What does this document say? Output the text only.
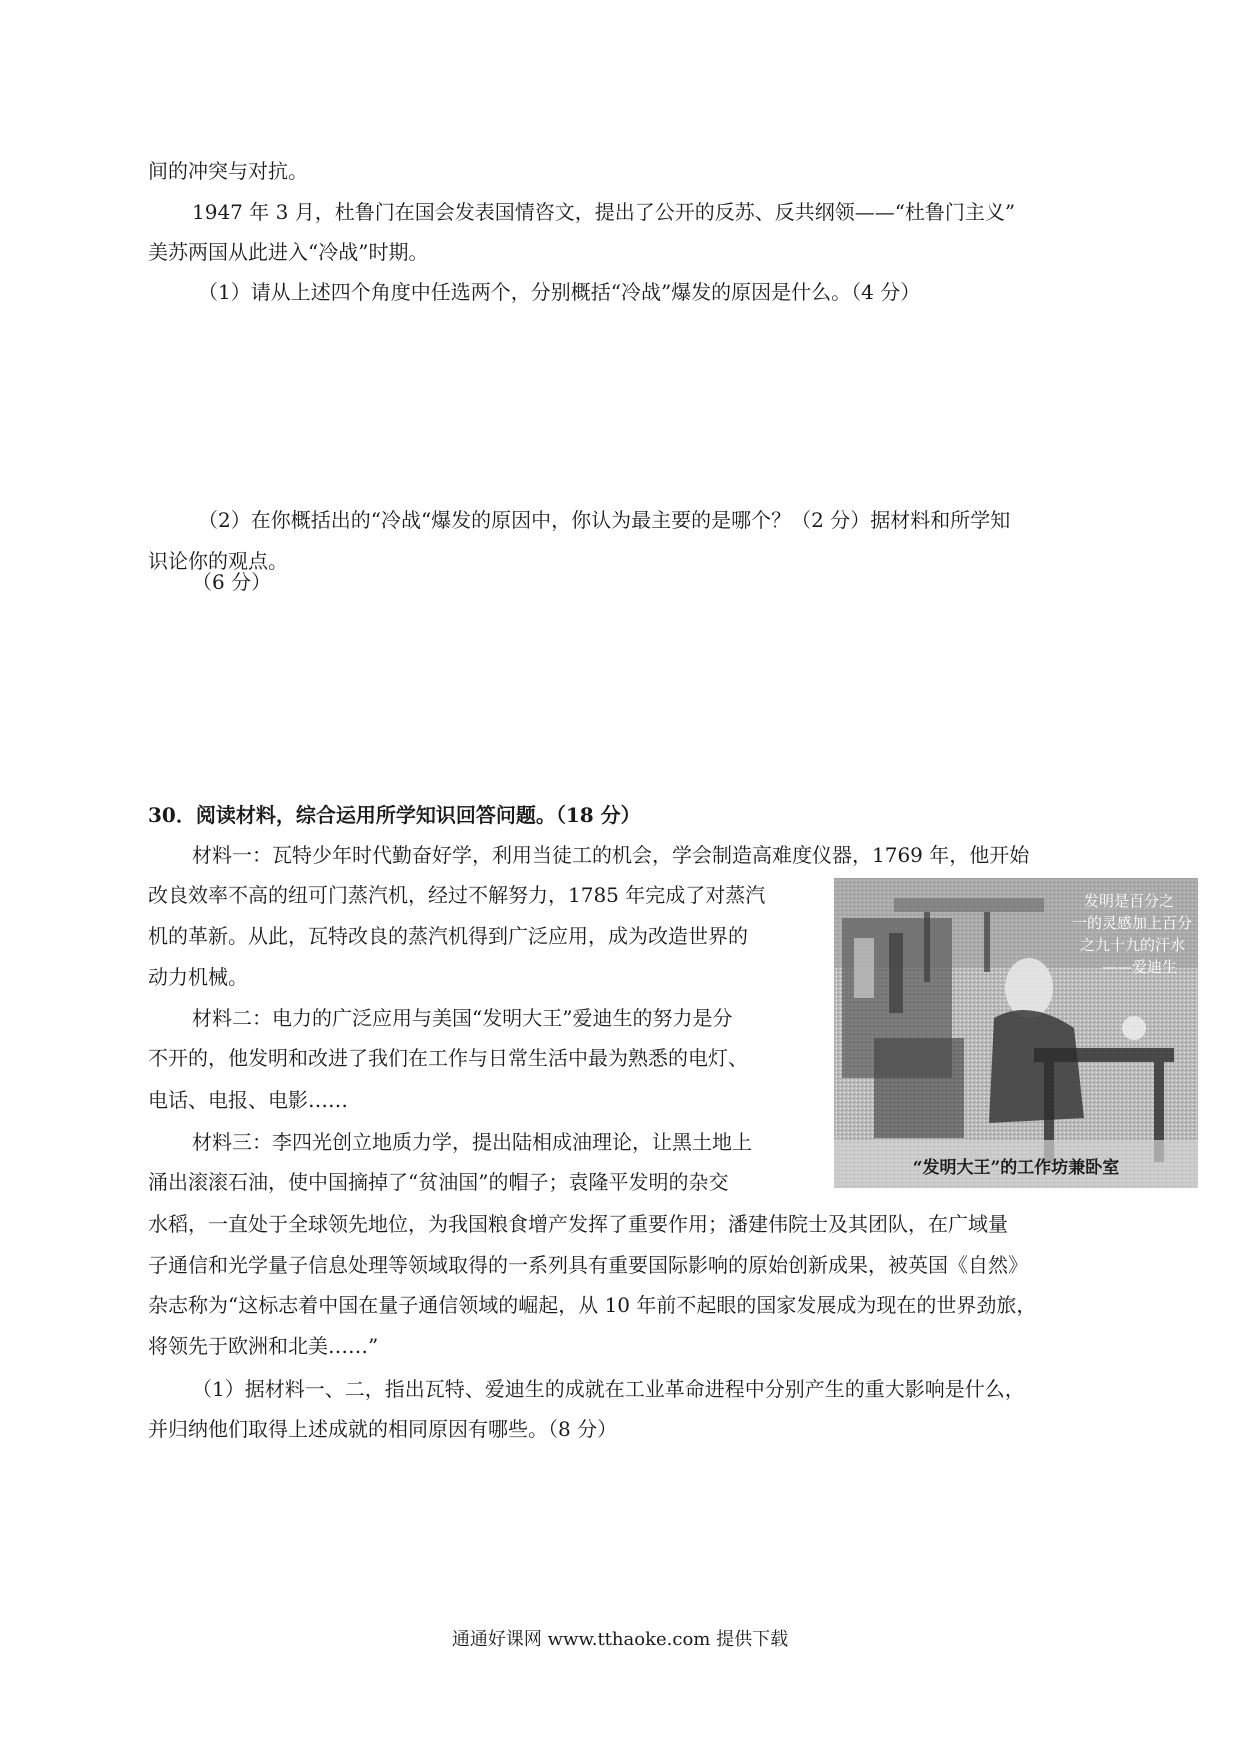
间的冲突与对抗。
1947 年 3 月，杜鲁门在国会发表国情咨文，提出了公开的反苏、反共纲领——“杜鲁门主义”
美苏两国从此进入“冷战”时期。
（1）请从上述四个角度中任选两个，分别概括“冷战”爆发的原因是什么。（4 分）
（2）在你概括出的“冷战“爆发的原因中，你认为最主要的是哪个？（2 分）据材料和所学知
识论你的观点。
（6 分）
30．阅读材料，综合运用所学知识回答问题。（18 分）
材料一：瓦特少年时代勤奋好学，利用当徒工的机会，学会制造高难度仪器，1769 年，他开始
改良效率不高的纽可门蒸汽机，经过不解努力，1785 年完成了对蒸汽
机的革新。从此，瓦特改良的蒸汽机得到广泛应用，成为改造世界的
动力机械。
材料二：电力的广泛应用与美国“发明大王”爱迪生的努力是分
不开的，他发明和改进了我们在工作与日常生活中最为熟悉的电灯、
电话、电报、电影……
材料三：李四光创立地质力学，提出陆相成油理论，让黑土地上
涌出滚滚石油，使中国摘掉了“贫油国”的帽子；袁隆平发明的杂交
水稻，一直处于全球领先地位，为我国粮食增产发挥了重要作用；潘建伟院士及其团队，在广域量
子通信和光学量子信息处理等领域取得的一系列具有重要国际影响的原始创新成果，被英国《自然》
杂志称为“这标志着中国在量子通信领域的崛起，从 10 年前不起眼的国家发展成为现在的世界劲旅，
将领先于欧洲和北美……”
（1）据材料一、二，指出瓦特、爱迪生的成就在工业革命进程中分别产生的重大影响是什么，
并归纳他们取得上述成就的相同原因有哪些。（8 分）
发明是百分之
一的灵感加上百分
之九十九的汗水
——爱迪生
“发明大王”的工作坊兼卧室
通通好课网 www.tthaoke.com 提供下载
